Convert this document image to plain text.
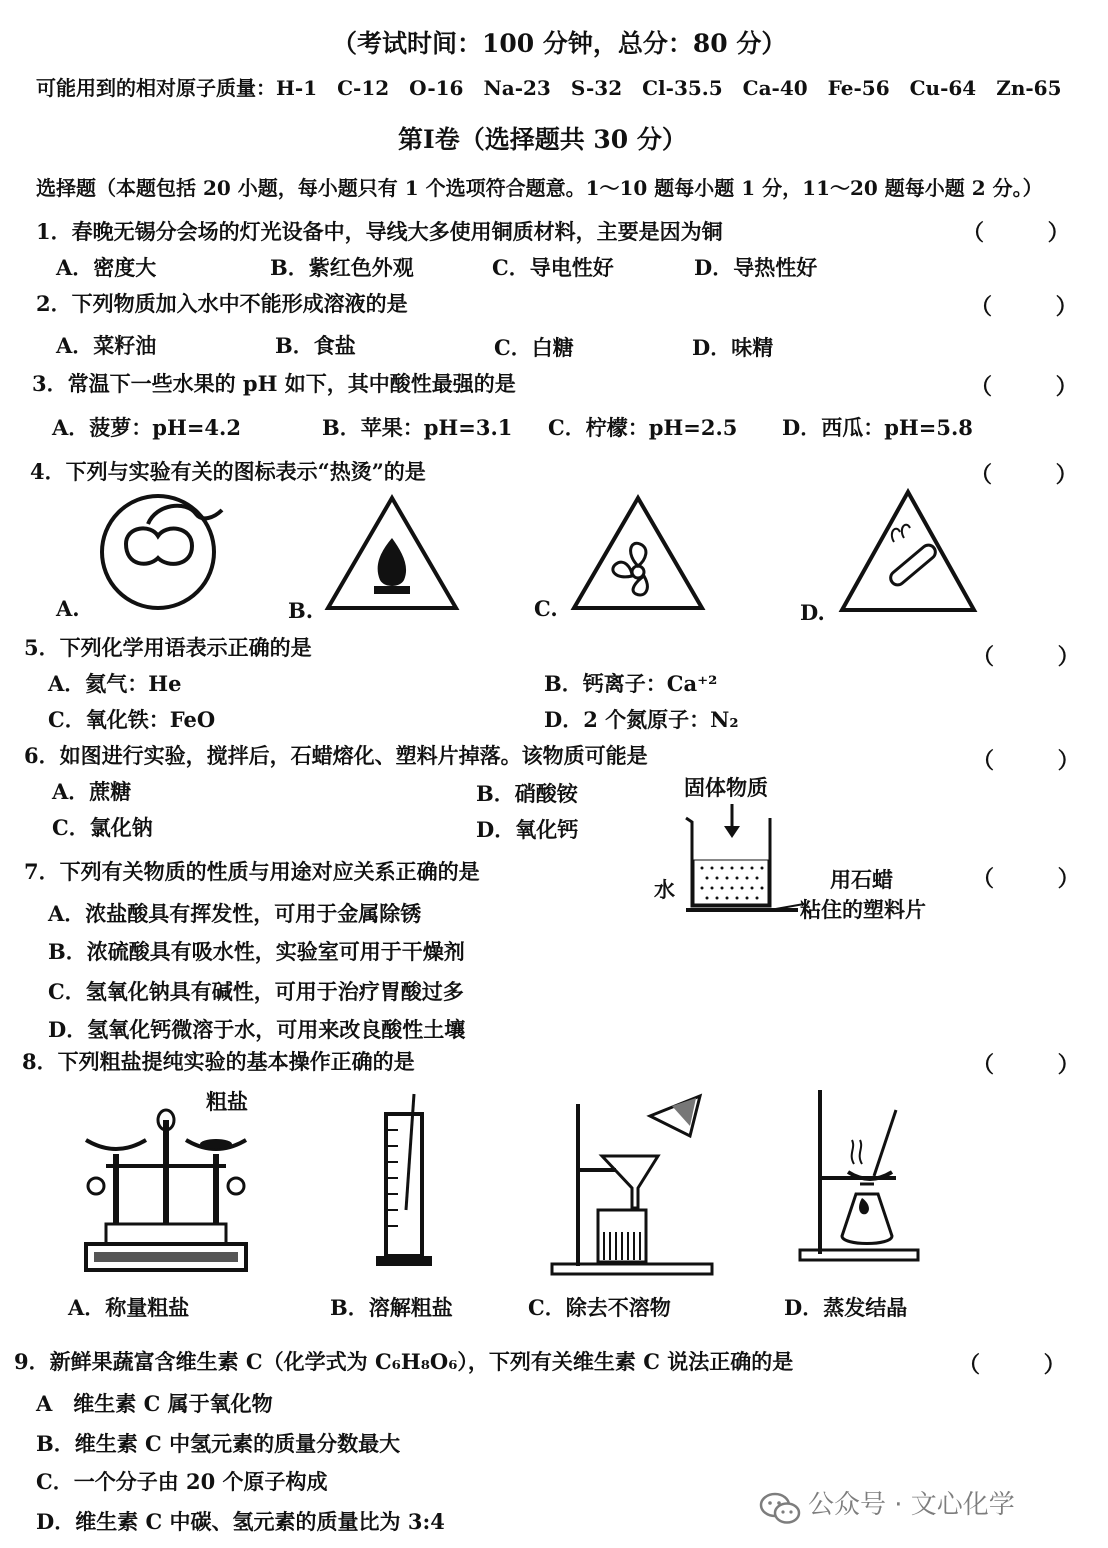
（考试时间：100 分钟，总分：80 分）
可能用到的相对原子质量：H-1　C-12　O-16　Na-23　S-32　Cl-35.5　Ca-40　Fe-56　Cu-64　Zn-65
第Ⅰ卷（选择题共 30 分）
选择题（本题包括 20 小题，每小题只有 1 个选项符合题意。1～10 题每小题 1 分，11～20 题每小题 2 分。）
1．春晚无锡分会场的灯光设备中，导线大多使用铜质材料，主要是因为铜	（ ）
A．密度大	B．紫红色外观	C．导电性好	D．导热性好
2．下列物质加入水中不能形成溶液的是	（ ）
A．菜籽油	B．食盐	C．白糖	D．味精
3．常温下一些水果的 pH 如下，其中酸性最强的是	（ ）
A．菠萝：pH=4.2	B．苹果：pH=3.1 C．柠檬：pH=2.5 D．西瓜：pH=5.8
4．下列与实验有关的图标表示“热烫”的是	（ ）
A.	B.	C.	D.
5．下列化学用语表示正确的是	（ ）
A．氦气：He	B．钙离子：Ca⁺²
C．氧化铁：FeO	D．2 个氮原子：N₂
6．如图进行实验，搅拌后，石蜡熔化、塑料片掉落。该物质可能是	（ ）
A．蔗糖	B．硝酸铵
C．氯化钠	D．氧化钙
固体物质
水	用石蜡
粘住的塑料片
7．下列有关物质的性质与用途对应关系正确的是	（ ）
A．浓盐酸具有挥发性，可用于金属除锈
B．浓硫酸具有吸水性，实验室可用于干燥剂
C．氢氧化钠具有碱性，可用于治疗胃酸过多
D．氢氧化钙微溶于水，可用来改良酸性土壤
8．下列粗盐提纯实验的基本操作正确的是	（ ）
粗盐
A．称量粗盐	B．溶解粗盐	C．除去不溶物	D．蒸发结晶
9．新鲜果蔬富含维生素 C（化学式为 C₆H₈O₆），下列有关维生素 C 说法正确的是	（ ）
A　维生素 C 属于氧化物
B．维生素 C 中氢元素的质量分数最大
C．一个分子由 20 个原子构成
D．维生素 C 中碳、氢元素的质量比为 3:4
公众号 · 文心化学
